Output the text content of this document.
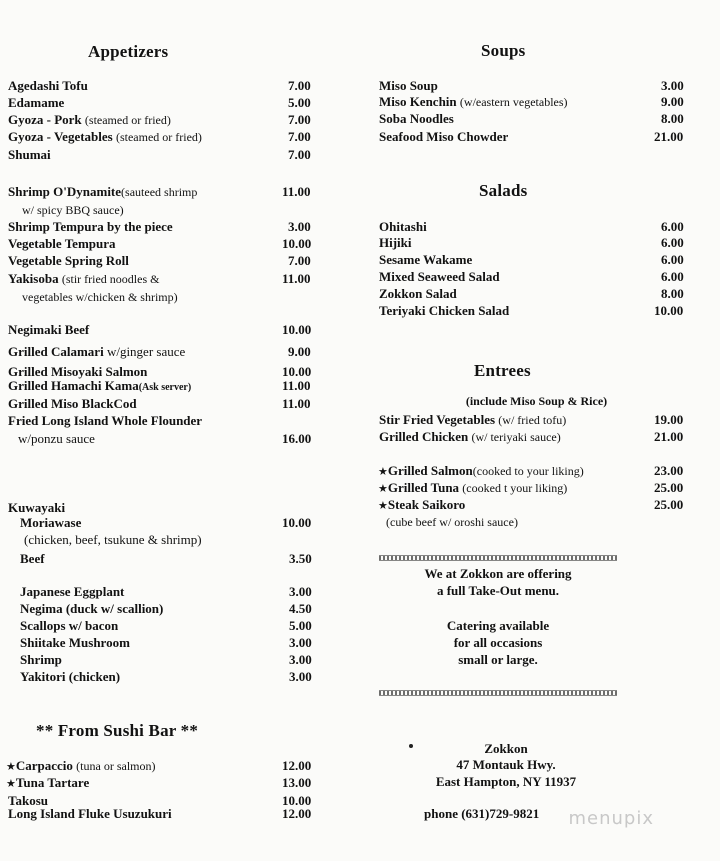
Appetizers
Agedashi Tofu	7.00
Edamame	5.00
Gyoza - Pork (steamed or fried)	7.00
Gyoza - Vegetables (steamed or fried)	7.00
Shumai	7.00
Shrimp O'Dynamite(sauteed shrimp	11.00
w/ spicy BBQ sauce)
Shrimp Tempura by the piece	3.00
Vegetable Tempura	10.00
Vegetable Spring Roll	7.00
Yakisoba (stir fried noodles &	11.00
vegetables w/chicken & shrimp)
Negimaki Beef	10.00
Grilled Calamari w/ginger sauce	9.00
Grilled Misoyaki Salmon	10.00
Grilled Hamachi Kama(Ask server)	11.00
Grilled Miso BlackCod	11.00
Fried Long Island Whole Flounder
w/ponzu sauce	16.00
Kuwayaki
Moriawase	10.00
(chicken, beef, tsukune & shrimp)
Beef	3.50
Japanese Eggplant	3.00
Negima (duck w/ scallion)	4.50
Scallops w/ bacon	5.00
Shiitake Mushroom	3.00
Shrimp	3.00
Yakitori (chicken)	3.00
** From Sushi Bar **
★Carpaccio (tuna or salmon)	12.00
★Tuna Tartare	13.00
Takosu	10.00
Long Island Fluke Usuzukuri	12.00
Soups
Miso Soup	3.00
Miso Kenchin (w/eastern vegetables)	9.00
Soba Noodles	8.00
Seafood Miso Chowder	21.00
Salads
Ohitashi	6.00
Hijiki	6.00
Sesame Wakame	6.00
Mixed Seaweed Salad	6.00
Zokkon Salad	8.00
Teriyaki Chicken Salad	10.00
Entrees
(include Miso Soup & Rice)
Stir Fried Vegetables (w/ fried tofu)	19.00
Grilled Chicken (w/ teriyaki sauce)	21.00
★Grilled Salmon(cooked to your liking)	23.00
★Grilled Tuna (cooked t your liking)	25.00
★Steak Saikoro	25.00
(cube beef w/ oroshi sauce)
We at Zokkon are offering
a full Take-Out menu.
Catering available
for all occasions
small or large.
Zokkon
47 Montauk Hwy.
East Hampton, NY 11937
phone (631)729-9821	menupix
